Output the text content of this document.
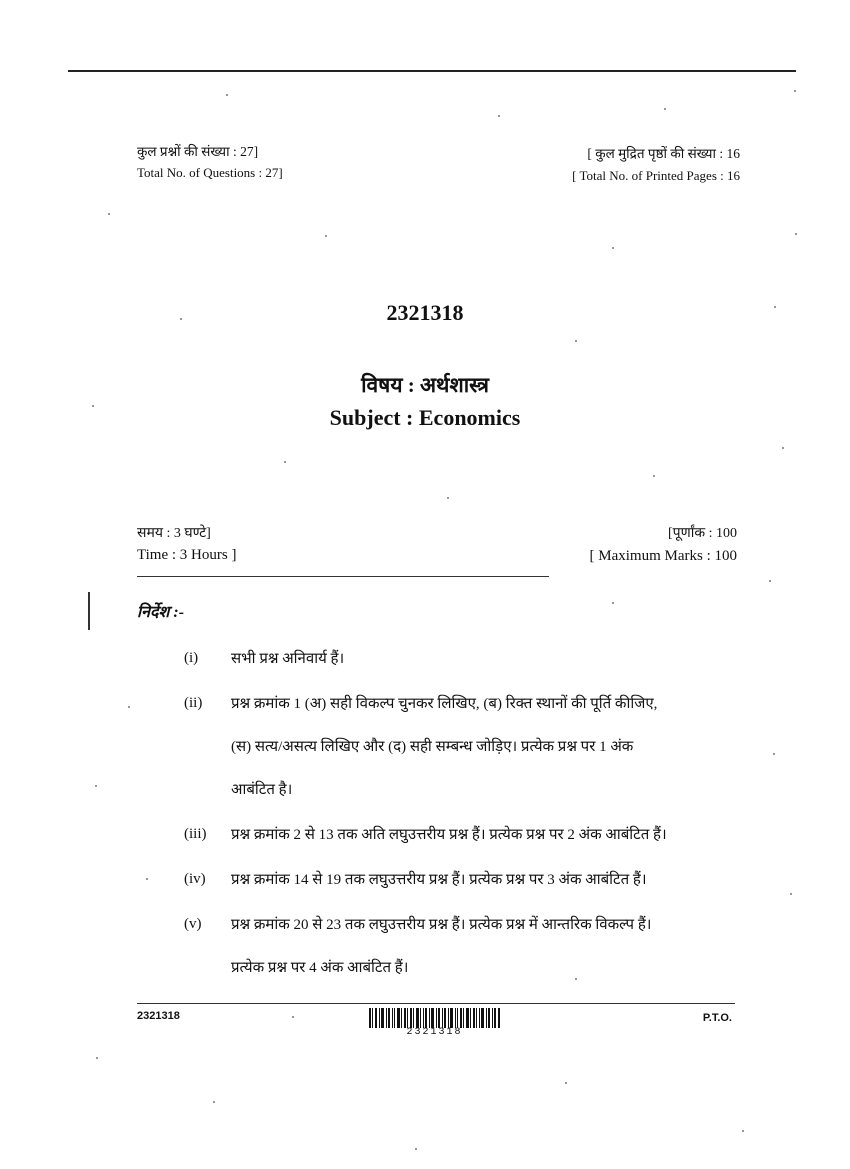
कुल प्रश्नों की संख्या : 27]
Total No. of Questions : 27]
[ कुल मुद्रित पृष्ठों की संख्या : 16
[ Total No. of Printed Pages : 16
2321318
विषय : अर्थशास्त्र
Subject : Economics
समय : 3 घण्टे]
Time : 3 Hours ]
[पूर्णांक : 100
[ Maximum Marks : 100
निर्देश :-
(i) सभी प्रश्न अनिवार्य हैं।
(ii) प्रश्न क्रमांक 1 (अ) सही विकल्प चुनकर लिखिए, (ब) रिक्त स्थानों की पूर्ति कीजिए,
(स) सत्य/असत्य लिखिए और (द) सही सम्बन्ध जोड़िए। प्रत्येक प्रश्न पर 1 अंक
आबंटित है।
(iii) प्रश्न क्रमांक 2 से 13 तक अति लघुउत्तरीय प्रश्न हैं। प्रत्येक प्रश्न पर 2 अंक आबंटित हैं।
(iv) प्रश्न क्रमांक 14 से 19 तक लघुउत्तरीय प्रश्न हैं। प्रत्येक प्रश्न पर 3 अंक आबंटित हैं।
(v) प्रश्न क्रमांक 20 से 23 तक लघुउत्तरीय प्रश्न हैं। प्रत्येक प्रश्न में आन्तरिक विकल्प हैं।
प्रत्येक प्रश्न पर 4 अंक आबंटित हैं।
2321318
2321318
P.T.O.
